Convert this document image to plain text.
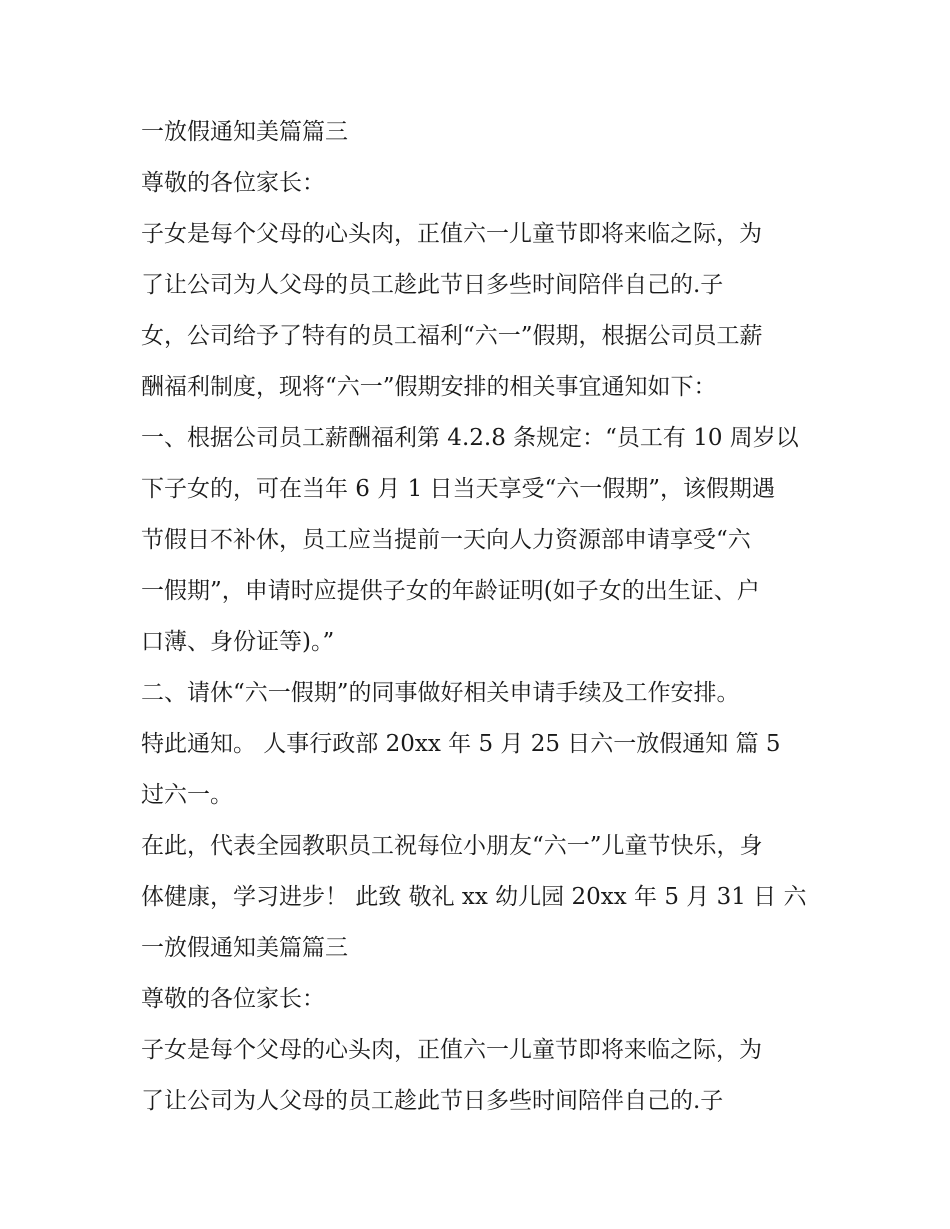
一放假通知美篇篇三
尊敬的各位家长：
子女是每个父母的心头肉，正值六一儿童节即将来临之际，为
了让公司为人父母的员工趁此节日多些时间陪伴自己的.子
女，公司给予了特有的员工福利“六一”假期，根据公司员工薪
酬福利制度，现将“六一”假期安排的相关事宜通知如下：
一、根据公司员工薪酬福利第 4.2.8 条规定：“员工有 10 周岁以
下子女的，可在当年 6 月 1 日当天享受“六一假期”，该假期遇
节假日不补休，员工应当提前一天向人力资源部申请享受“六
一假期”，申请时应提供子女的年龄证明(如子女的出生证、户
口薄、身份证等)。”
二、请休“六一假期”的同事做好相关申请手续及工作安排。
特此通知。 人事行政部 20xx 年 5 月 25 日六一放假通知 篇 5
过六一。
在此，代表全园教职员工祝每位小朋友“六一”儿童节快乐，身
体健康，学习进步！ 此致 敬礼 xx 幼儿园 20xx 年 5 月 31 日 六
一放假通知美篇篇三
尊敬的各位家长：
子女是每个父母的心头肉，正值六一儿童节即将来临之际，为
了让公司为人父母的员工趁此节日多些时间陪伴自己的.子
